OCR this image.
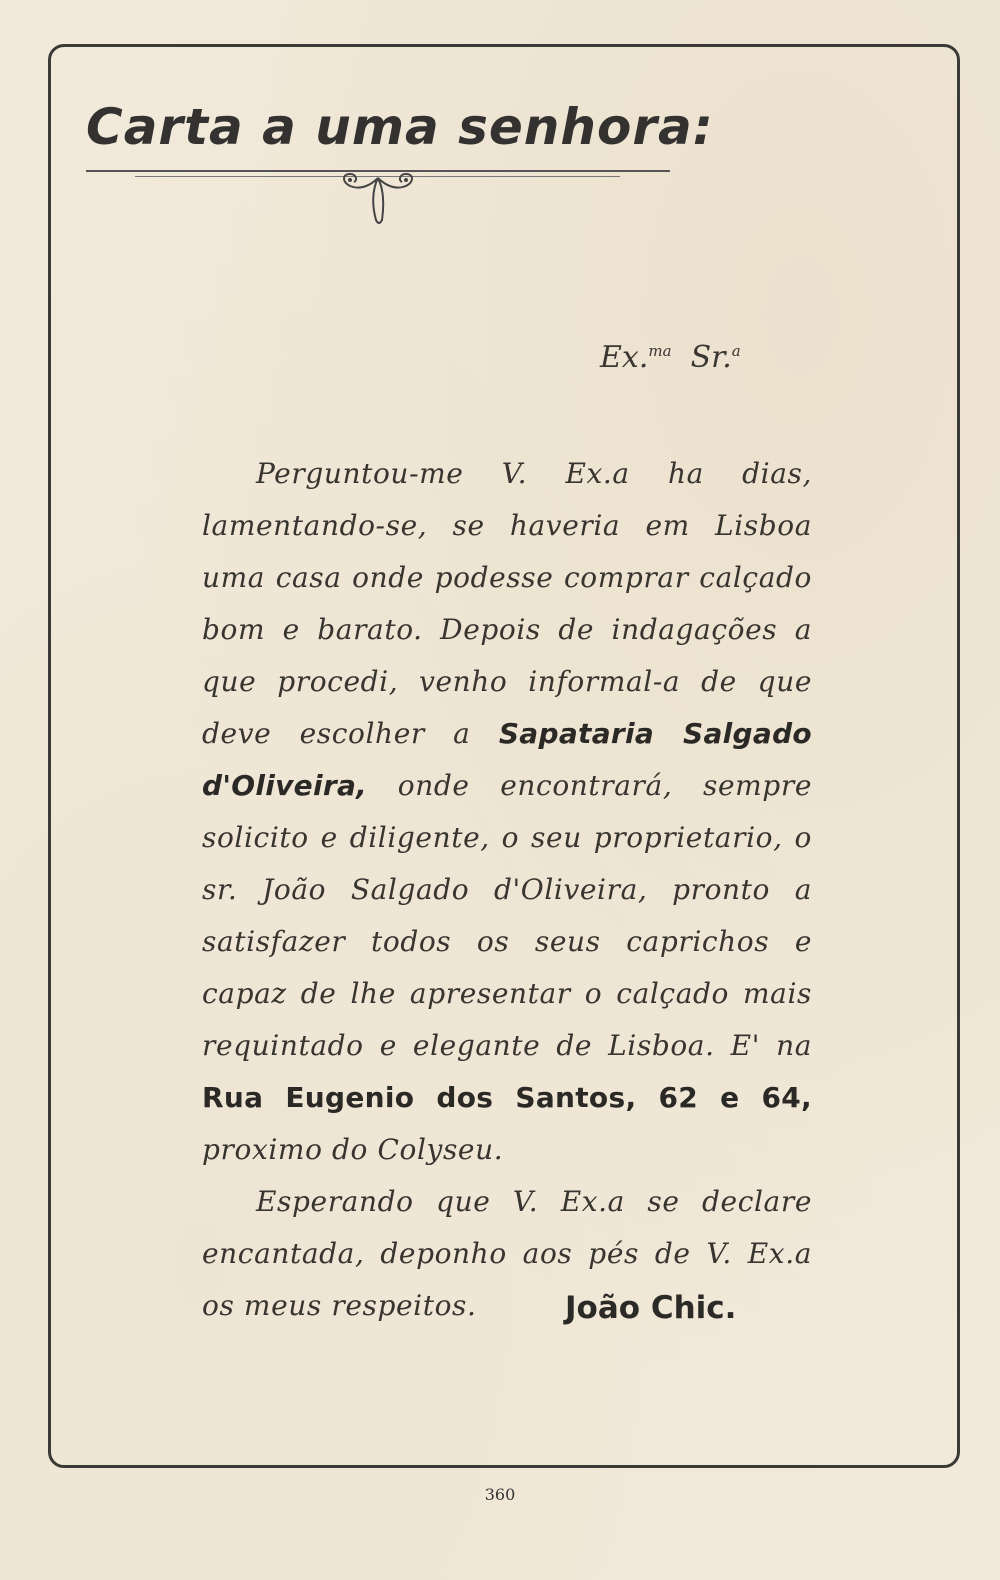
Carta a uma senhora:
Ex.$^{ma}$ Sr.$^a$

Perguntou-me V. Ex.a ha dias, lamentando-se, se haveria em Lisboa uma casa onde podesse comprar calçado bom e barato. Depois de indagações a que procedi, venho informal-a de que deve escolher a Sapataria Salgado d'Oliveira, onde encontrará, sempre solicito e diligente, o seu proprietario, o sr. João Salgado d'Oliveira, pronto a satisfazer todos os seus caprichos e capaz de lhe apresentar o calçado mais requintado e elegante de Lisboa. E' na Rua Eugenio dos Santos, 62 e 64, proximo do Colyseu.

Esperando que V. Ex.a se declare encantada, deponho aos pés de V. Ex.a os meus respeitos.	João Chic.
360
